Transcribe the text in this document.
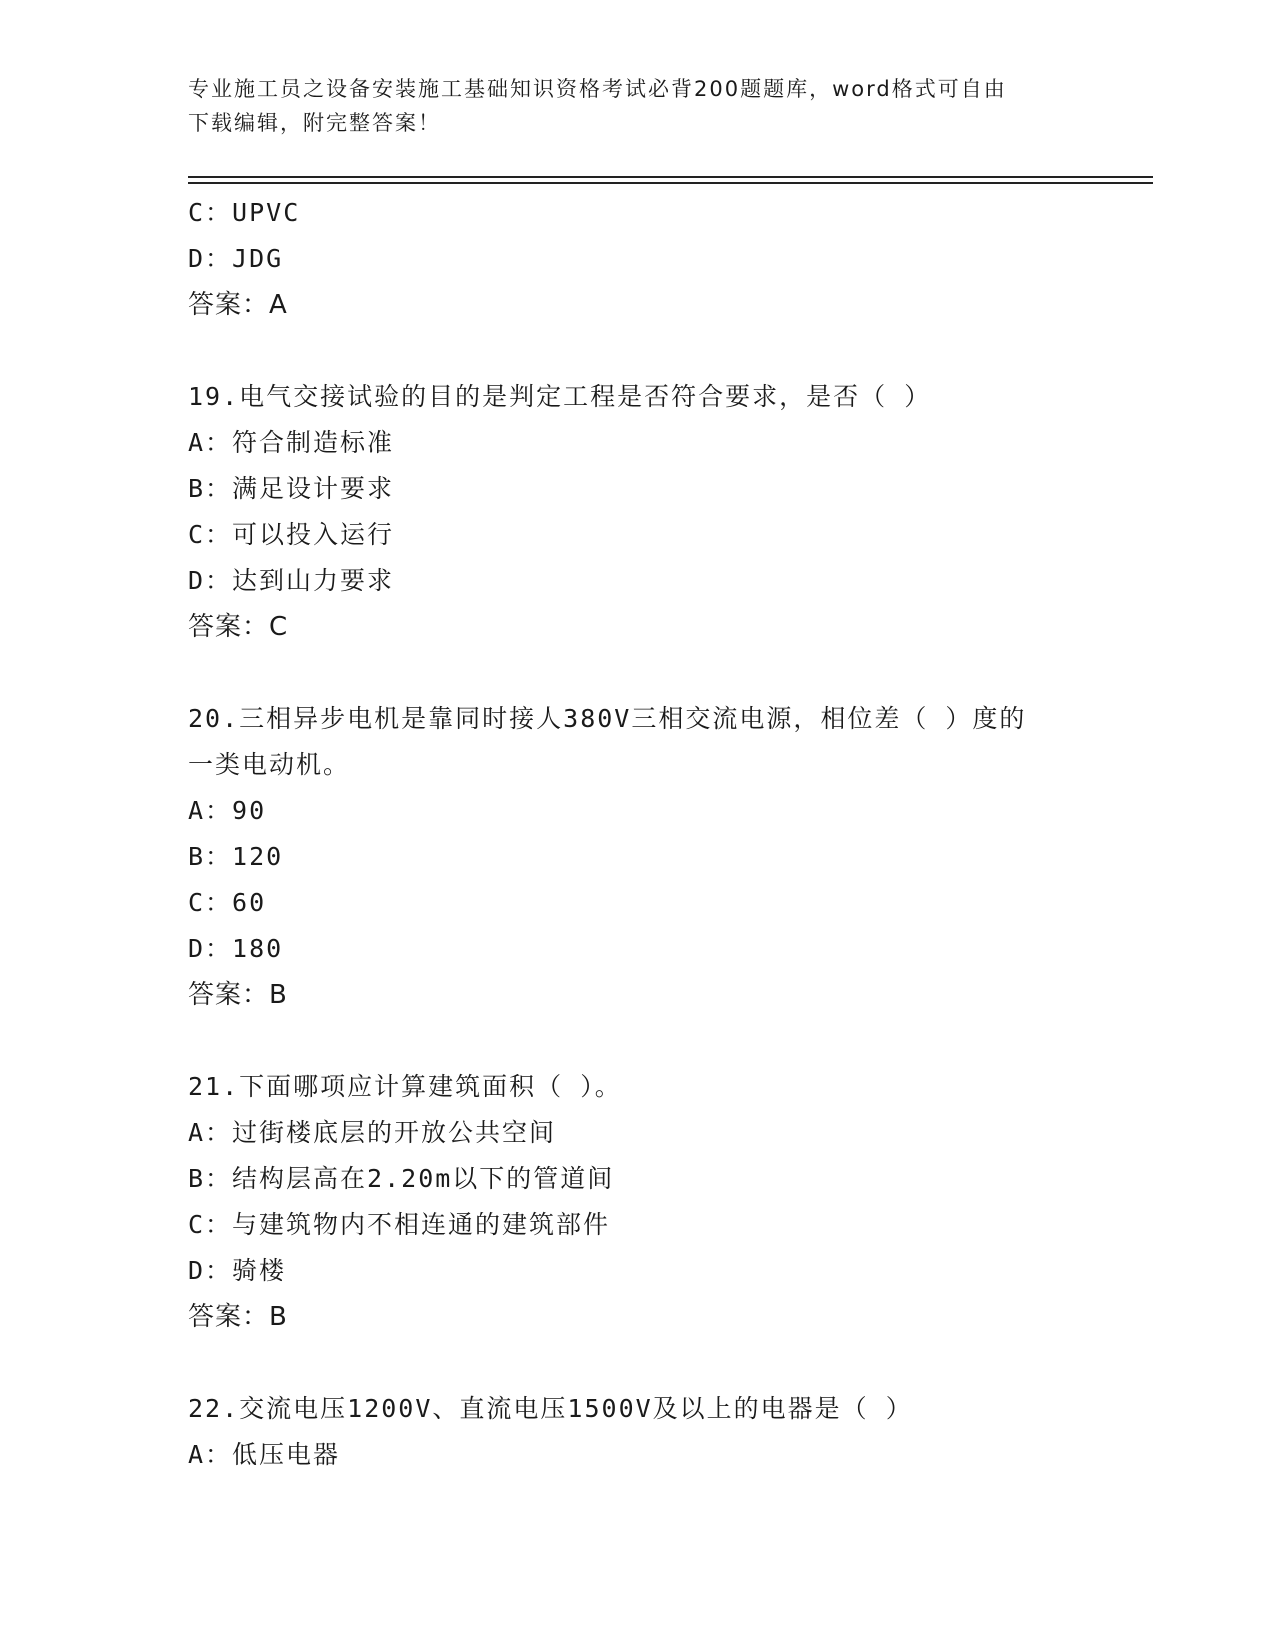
专业施工员之设备安装施工基础知识资格考试必背200题题库，word格式可自由
下载编辑，附完整答案！
C：UPVC
D：JDG
答案：A
19.电气交接试验的目的是判定工程是否符合要求，是否（ ）
A：符合制造标准
B：满足设计要求
C：可以投入运行
D：达到山力要求
答案：C
20.三相异步电机是靠同时接人380V三相交流电源，相位差（ ）度的
一类电动机。
A：90
B：120
C：60
D：180
答案：B
21.下面哪项应计算建筑面积（ ）。
A：过街楼底层的开放公共空间
B：结构层高在2.20m以下的管道间
C：与建筑物内不相连通的建筑部件
D：骑楼
答案：B
22.交流电压1200V、直流电压1500V及以上的电器是（ ）
A：低压电器
